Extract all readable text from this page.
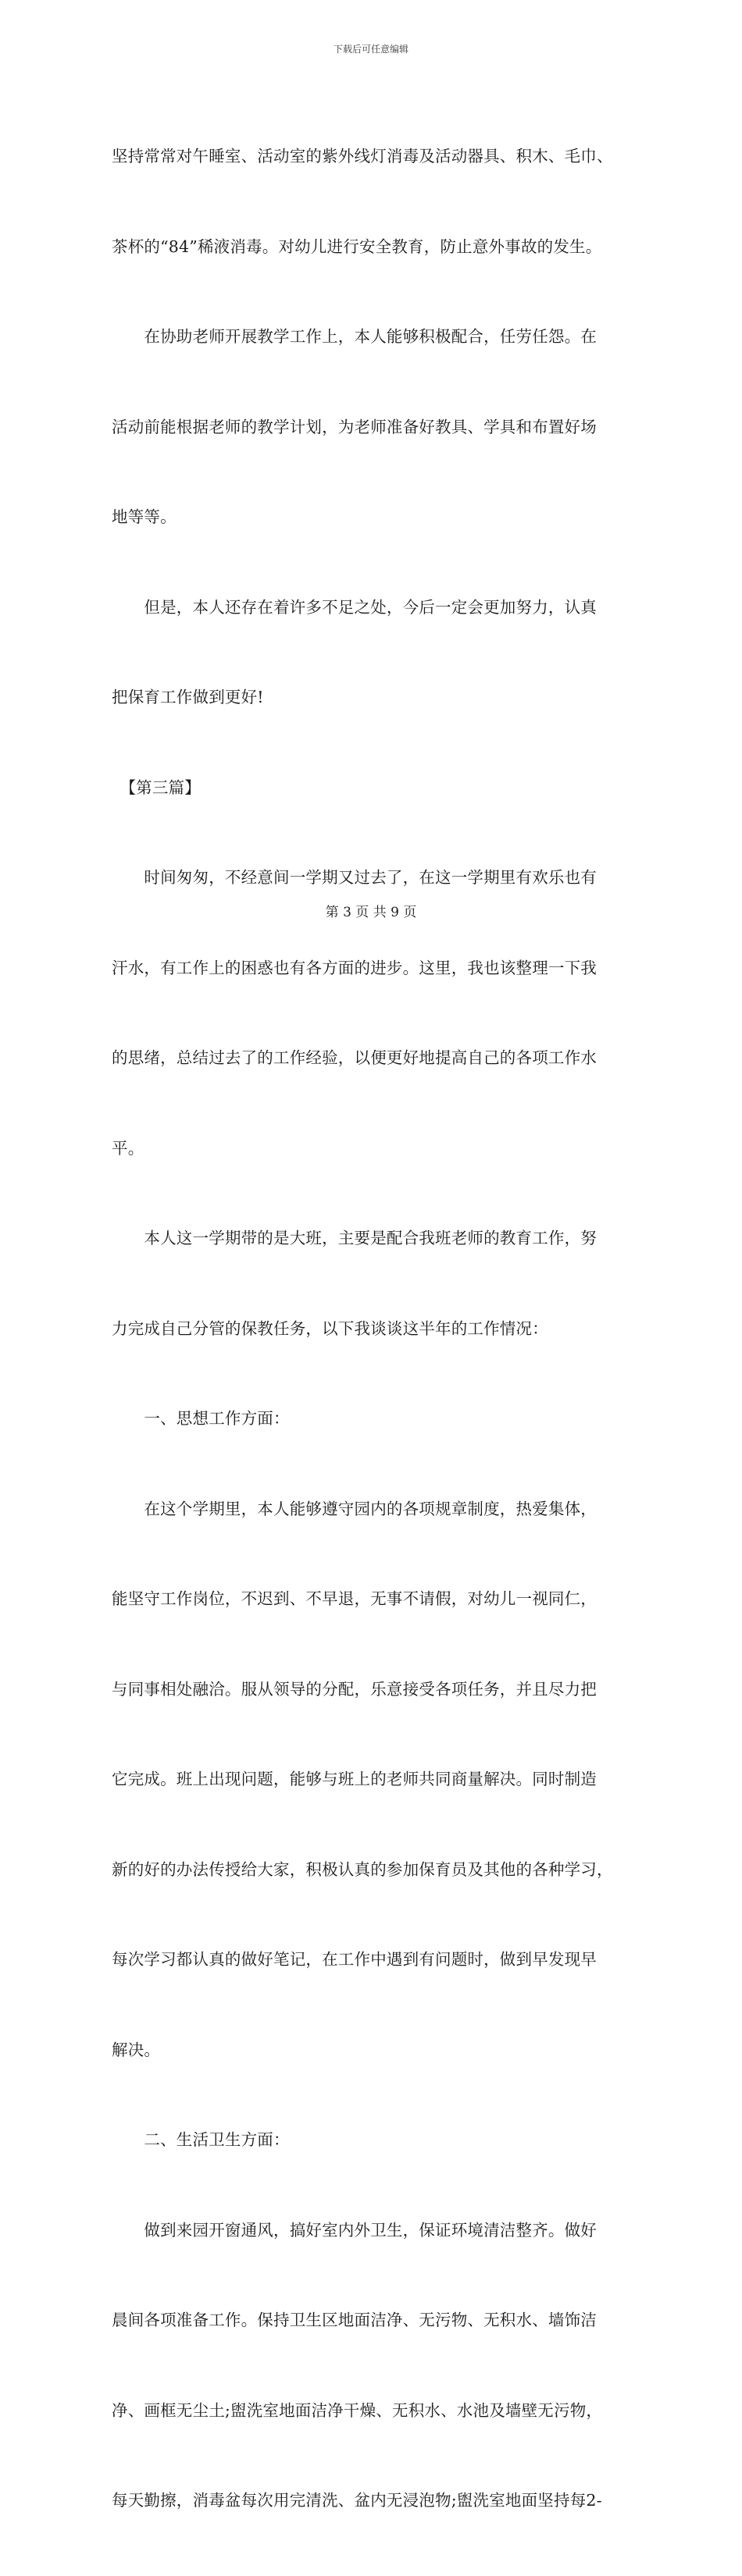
下载后可任意编辑

坚持常常对午睡室、活动室的紫外线灯消毒及活动器具、积木、毛巾、

茶杯的“84”稀液消毒。对幼儿进行安全教育，防止意外事故的发生。

　　在协助老师开展教学工作上，本人能够积极配合，任劳任怨。在

活动前能根据老师的教学计划，为老师准备好教具、学具和布置好场

地等等。

　　但是，本人还存在着许多不足之处，今后一定会更加努力，认真

把保育工作做到更好!

　【第三篇】

　　时间匆匆，不经意间一学期又过去了，在这一学期里有欢乐也有

汗水，有工作上的困惑也有各方面的进步。这里，我也该整理一下我

的思绪，总结过去了的工作经验，以便更好地提高自己的各项工作水

平。

　　本人这一学期带的是大班，主要是配合我班老师的教育工作，努

力完成自己分管的保教任务，以下我谈谈这半年的工作情况：

　　一、思想工作方面：

　　在这个学期里，本人能够遵守园内的各项规章制度，热爱集体，

能坚守工作岗位，不迟到、不早退，无事不请假，对幼儿一视同仁，

与同事相处融洽。服从领导的分配，乐意接受各项任务，并且尽力把

它完成。班上出现问题，能够与班上的老师共同商量解决。同时制造

新的好的办法传授给大家，积极认真的参加保育员及其他的各种学习，

每次学习都认真的做好笔记，在工作中遇到有问题时，做到早发现早

解决。

　　二、生活卫生方面：

　　做到来园开窗通风，搞好室内外卫生，保证环境清洁整齐。做好

晨间各项准备工作。保持卫生区地面洁净、无污物、无积水、墙饰洁

净、画框无尘土;盥洗室地面洁净干燥、无积水、水池及墙壁无污物，

每天勤擦，消毒盆每次用完清洗、盆内无浸泡物;盥洗室地面坚持每2-

第 3 页 共 9 页
